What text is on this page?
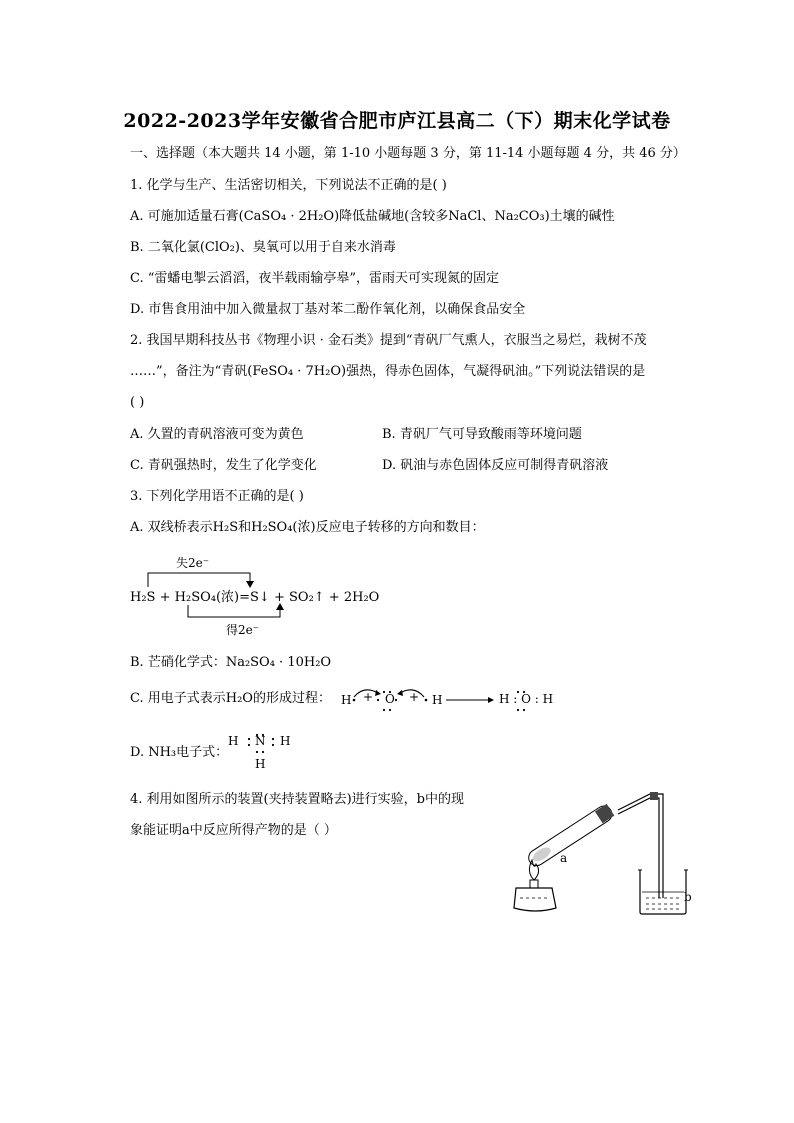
2022-2023学年安徽省合肥市庐江县高二（下）期末化学试卷
一、选择题（本大题共 14 小题，第 1-10 小题每题 3 分，第 11-14 小题每题 4 分，共 46 分）
1. 化学与生产、生活密切相关，下列说法不正确的是( )
A. 可施加适量石膏(CaSO₄ · 2H₂O)降低盐碱地(含较多NaCl、Na₂CO₃)土壤的碱性
B. 二氧化氯(ClO₂)、臭氧可以用于自来水消毒
C. “雷蟠电掣云滔滔，夜半载雨输亭皋”，雷雨天可实现氮的固定
D. 市售食用油中加入微量叔丁基对苯二酚作氧化剂，以确保食品安全
2. 我国早期科技丛书《物理小识 · 金石类》提到“青矾厂气熏人，衣服当之易烂，栽树不茂
……”，备注为“青矾(FeSO₄ · 7H₂O)强热，得赤色固体，气凝得矾油。”下列说法错误的是
( )
A. 久置的青矾溶液可变为黄色	B. 青矾厂气可导致酸雨等环境问题
C. 青矾强热时，发生了化学变化	D. 矾油与赤色固体反应可制得青矾溶液
3. 下列化学用语不正确的是( )
A. 双线桥表示H₂S和H₂SO₄(浓)反应电子转移的方向和数目：
失2e⁻
H₂S + H₂SO₄(浓)=S↓ + SO₂↑ + 2H₂O
得2e⁻
B. 芒硝化学式：Na₂SO₄ · 10H₂O
C. 用电子式表示H₂O的形成过程： H + O + H	H : O : H
D. NH₃电子式：
H N H
H
4. 利用如图所示的装置(夹持装置略去)进行实验，b中的现
象能证明a中反应所得产物的是（ ）
a
b
